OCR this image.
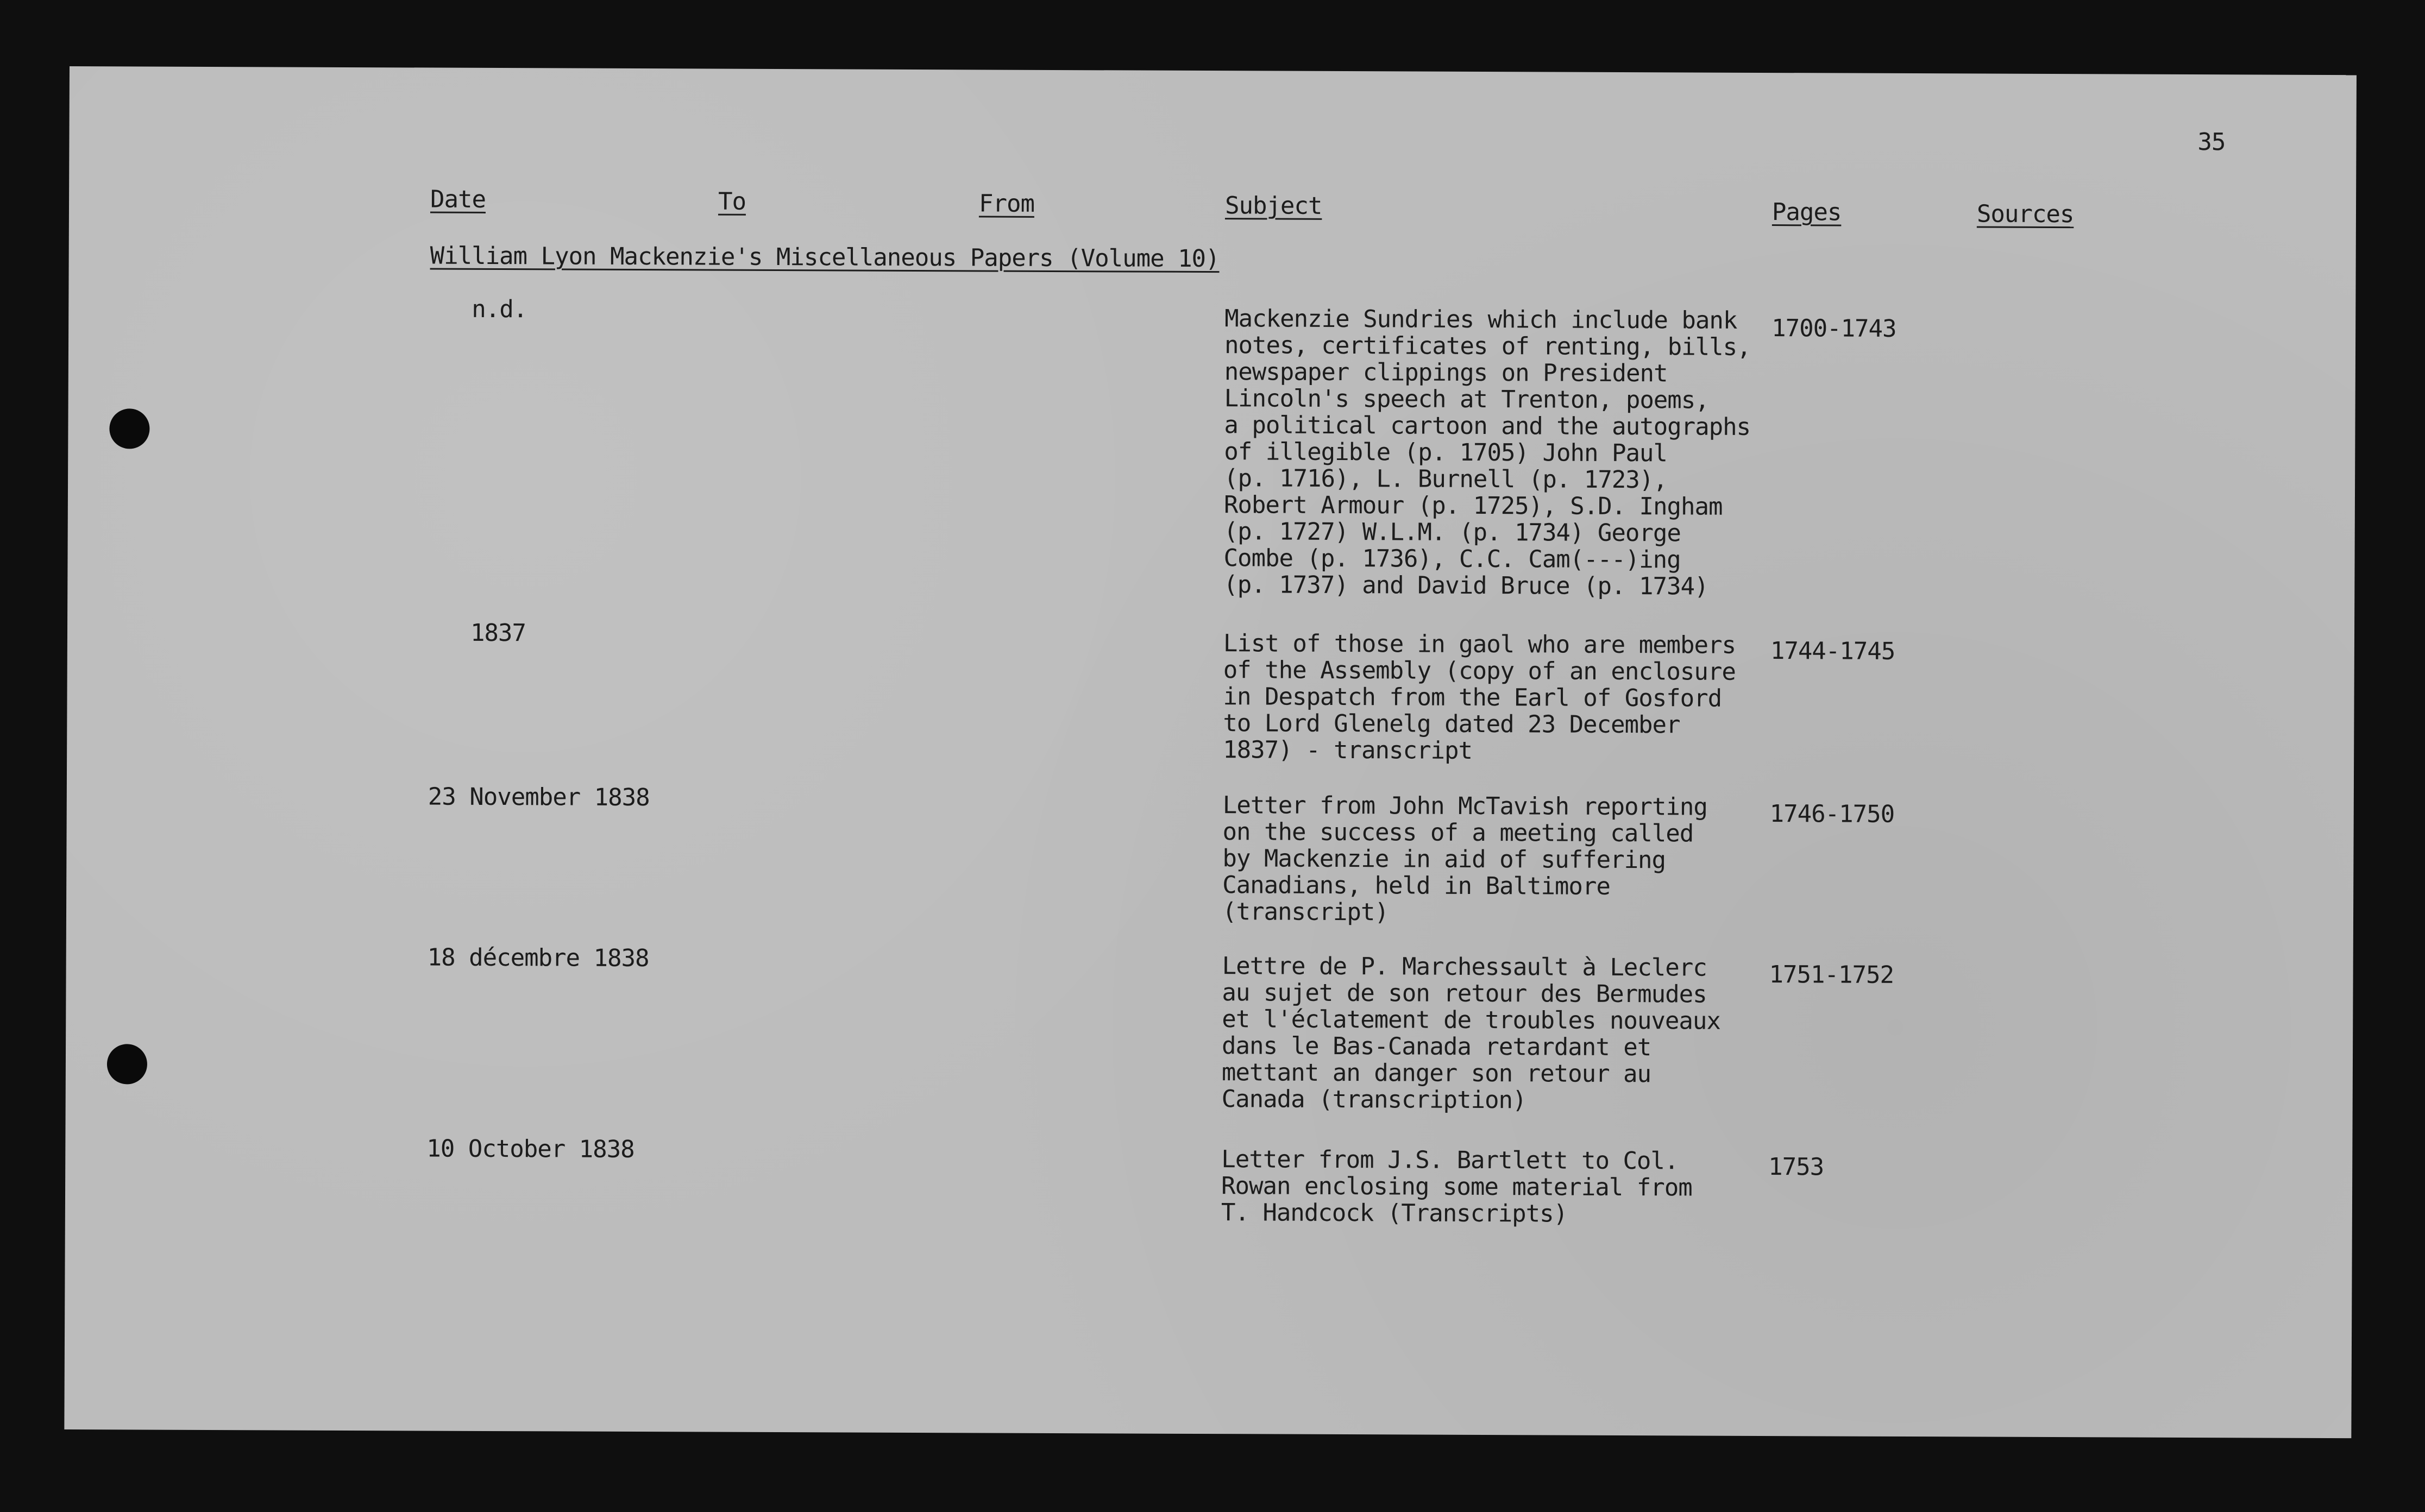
35
Date	To	From	Subject	Pages	Sources
William Lyon Mackenzie's Miscellaneous Papers (Volume 10)
n.d.	Mackenzie Sundries which include bank
notes, certificates of renting, bills,
newspaper clippings on President
Lincoln's speech at Trenton, poems,
a political cartoon and the autographs
of illegible (p. 1705) John Paul
(p. 1716), L. Burnell (p. 1723),
Robert Armour (p. 1725), S.D. Ingham
(p. 1727) W.L.M. (p. 1734) George
Combe (p. 1736), C.C. Cam(---)ing
(p. 1737) and David Bruce (p. 1734)
1700-1743
1837	List of those in gaol who are members
of the Assembly (copy of an enclosure
in Despatch from the Earl of Gosford
to Lord Glenelg dated 23 December
1837) - transcript
1744-1745
23 November 1838	Letter from John McTavish reporting
on the success of a meeting called
by Mackenzie in aid of suffering
Canadians, held in Baltimore
(transcript)
1746-1750
18 décembre 1838	Lettre de P. Marchessault à Leclerc
au sujet de son retour des Bermudes
et l'éclatement de troubles nouveaux
dans le Bas-Canada retardant et
mettant an danger son retour au
Canada (transcription)
1751-1752
10 October 1838	Letter from J.S. Bartlett to Col.
Rowan enclosing some material from
T. Handcock (Transcripts)
1753
